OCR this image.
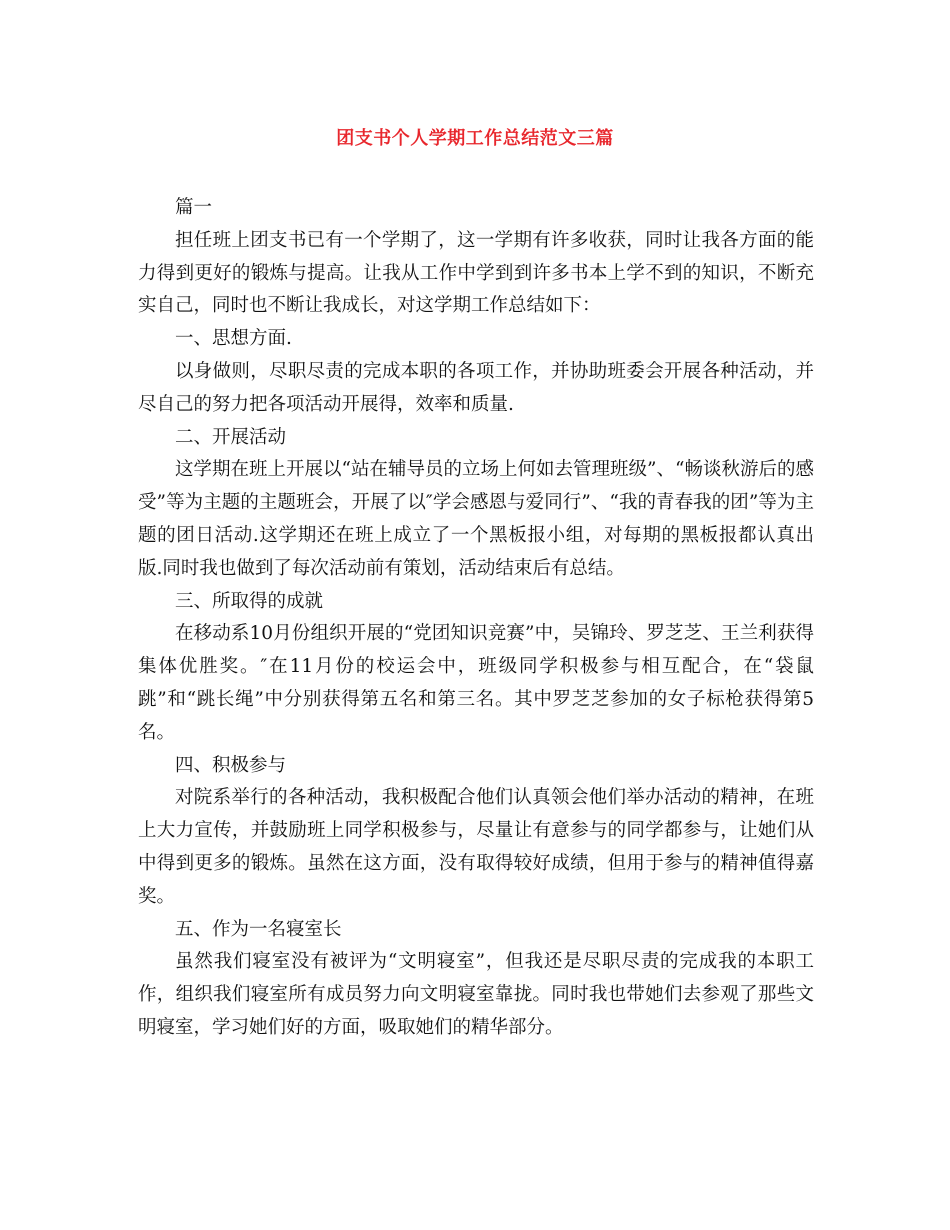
团支书个人学期工作总结范文三篇

篇一

担任班上团支书已有一个学期了，这一学期有许多收获，同时让我各方面的能力得到更好的锻炼与提高。让我从工作中学到到许多书本上学不到的知识，不断充实自己，同时也不断让我成长，对这学期工作总结如下：

一、思想方面.

以身做则，尽职尽责的完成本职的各项工作，并协助班委会开展各种活动，并尽自己的努力把各项活动开展得，效率和质量.

二、开展活动

这学期在班上开展以“站在辅导员的立场上何如去管理班级”、“畅谈秋游后的感受”等为主题的主题班会，开展了以″学会感恩与爱同行”、“我的青春我的团”等为主题的团日活动.这学期还在班上成立了一个黑板报小组，对每期的黑板报都认真出版.同时我也做到了每次活动前有策划，活动结束后有总结。

三、所取得的成就

在移动系10月份组织开展的“党团知识竞赛”中，吴锦玲、罗芝芝、王兰利获得集体优胜奖。″在11月份的校运会中，班级同学积极参与相互配合，在“袋鼠跳”和“跳长绳”中分别获得第五名和第三名。其中罗芝芝参加的女子标枪获得第5名。

四、积极参与

对院系举行的各种活动，我积极配合他们认真领会他们举办活动的精神，在班上大力宣传，并鼓励班上同学积极参与，尽量让有意参与的同学都参与，让她们从中得到更多的锻炼。虽然在这方面，没有取得较好成绩，但用于参与的精神值得嘉奖。

五、作为一名寝室长

虽然我们寝室没有被评为“文明寝室”，但我还是尽职尽责的完成我的本职工作，组织我们寝室所有成员努力向文明寝室靠拢。同时我也带她们去参观了那些文明寝室，学习她们好的方面，吸取她们的精华部分。
